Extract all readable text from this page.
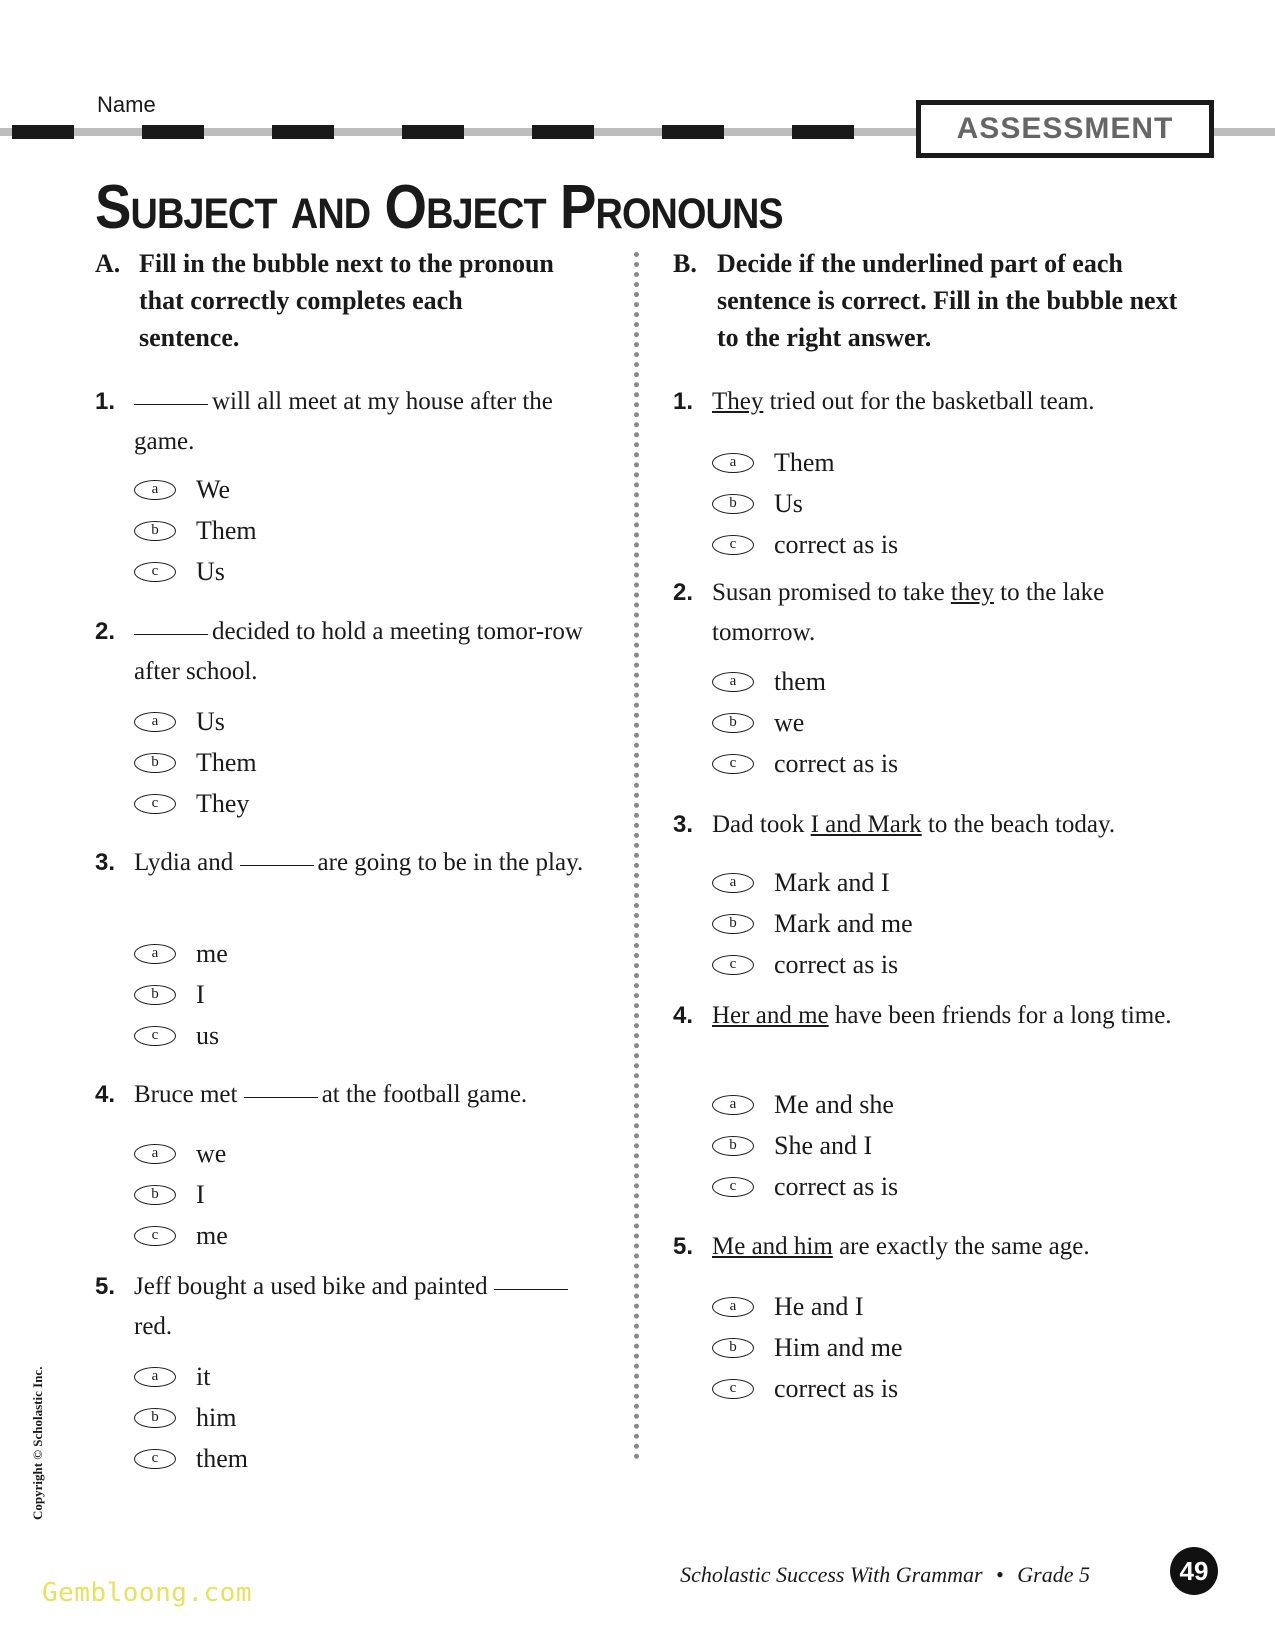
Name
ASSESSMENT
Subject and Object Pronouns
A. Fill in the bubble next to the pronoun that correctly completes each sentence.
1.	will all meet at my house after the game.
a	We
b	Them
c	Us
2.	decided to hold a meeting tomor-row after school.
a	Us
b	Them
c	They
3. Lydia and	are going to be in the play.
a	me
b	I
c	us
4. Bruce met	at the football game.
a	we
b	I
c	me
5. Jeff bought a used bike and painted red.
a	it
b	him
c	them
B. Decide if the underlined part of each sentence is correct. Fill in the bubble next to the right answer.
1. They tried out for the basketball team.
a	Them
b	Us
c	correct as is
2. Susan promised to take they to the lake tomorrow.
a	them
b	we
c	correct as is
3. Dad took I and Mark to the beach today.
a	Mark and I
b	Mark and me
c	correct as is
4. Her and me have been friends for a long time.
a	Me and she
b	She and I
c	correct as is
5. Me and him are exactly the same age.
a	He and I
b	Him and me
c	correct as is
Copyright © Scholastic Inc.
Scholastic Success With Grammar • Grade 5	49
Gembloong.com
